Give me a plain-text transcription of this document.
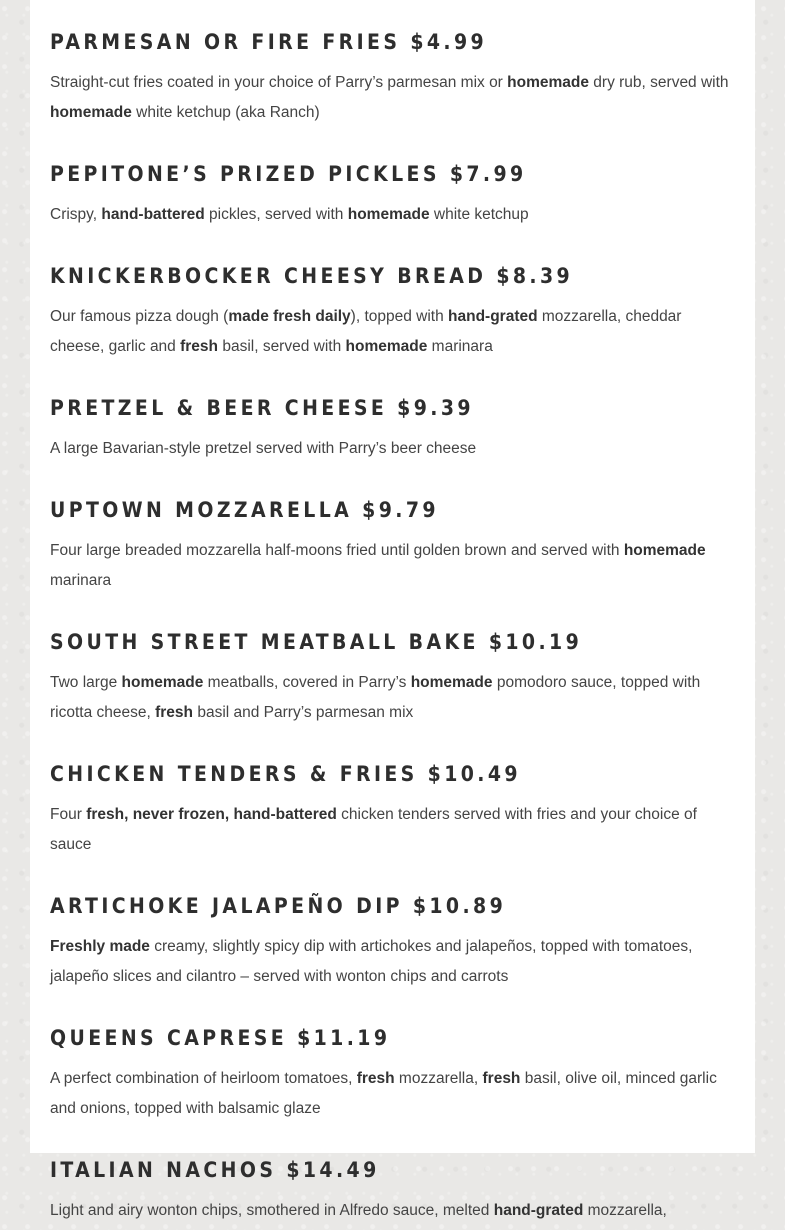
PARMESAN OR FIRE FRIES $4.99

Straight-cut fries coated in your choice of Parry’s parmesan mix or homemade dry rub, served with homemade white ketchup (aka Ranch)

PEPITONE’S PRIZED PICKLES $7.99

Crispy, hand-battered pickles, served with homemade white ketchup

KNICKERBOCKER CHEESY BREAD $8.39

Our famous pizza dough (made fresh daily), topped with hand-grated mozzarella, cheddar cheese, garlic and fresh basil, served with homemade marinara

PRETZEL & BEER CHEESE $9.39

A large Bavarian-style pretzel served with Parry’s beer cheese

UPTOWN MOZZARELLA $9.79

Four large breaded mozzarella half-moons fried until golden brown and served with homemade marinara

SOUTH STREET MEATBALL BAKE $10.19

Two large homemade meatballs, covered in Parry’s homemade pomodoro sauce, topped with ricotta cheese, fresh basil and Parry’s parmesan mix

CHICKEN TENDERS & FRIES $10.49

Four fresh, never frozen, hand-battered chicken tenders served with fries and your choice of sauce

ARTICHOKE JALAPEÑO DIP $10.89

Freshly made creamy, slightly spicy dip with artichokes and jalapeños, topped with tomatoes, jalapeño slices and cilantro – served with wonton chips and carrots

QUEENS CAPRESE $11.19

A perfect combination of heirloom tomatoes, fresh mozzarella, fresh basil, olive oil, minced garlic and onions, topped with balsamic glaze

ITALIAN NACHOS $14.49

Light and airy wonton chips, smothered in Alfredo sauce, melted hand-grated mozzarella,
